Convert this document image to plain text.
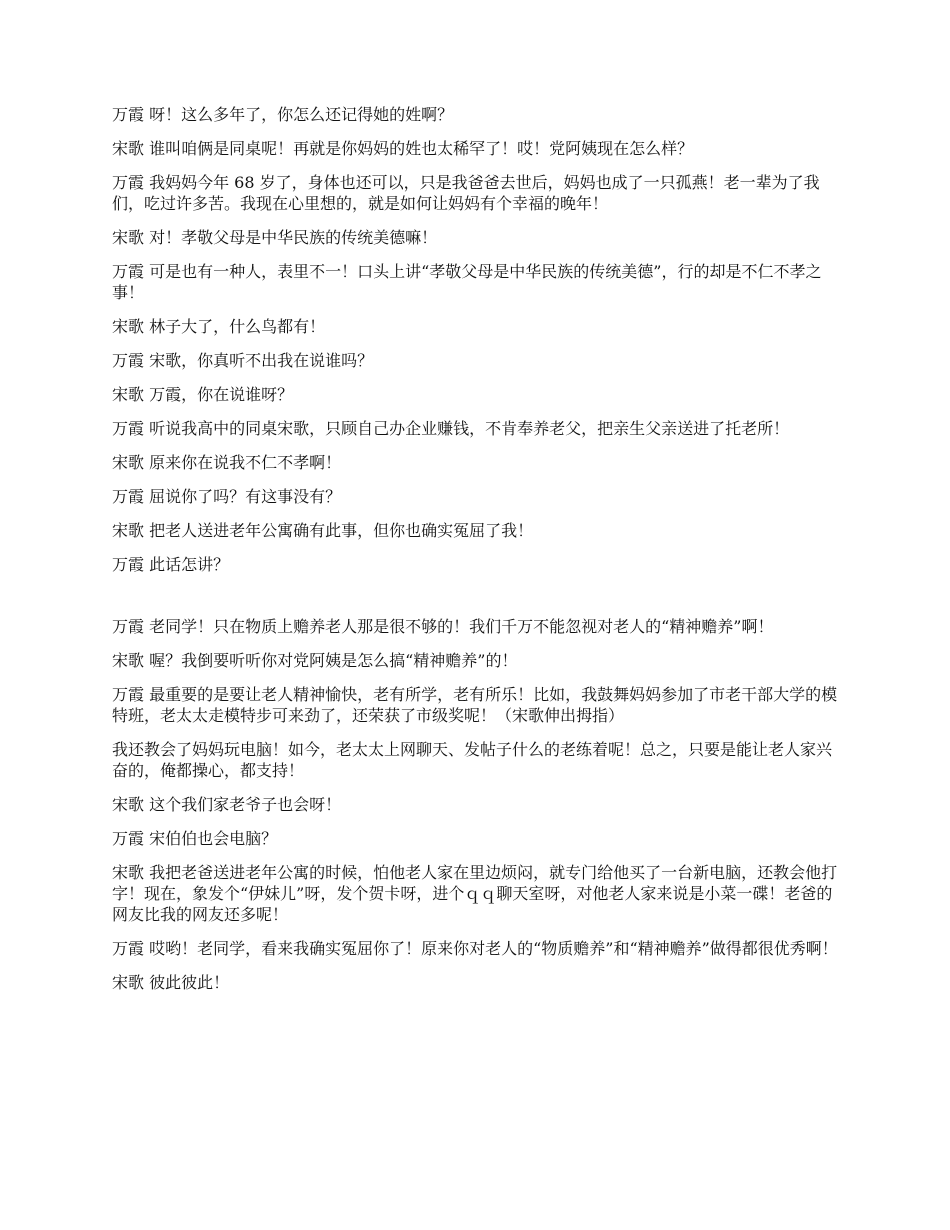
万霞 呀！这么多年了，你怎么还记得她的姓啊？

宋歌 谁叫咱俩是同桌呢！再就是你妈妈的姓也太稀罕了！哎！党阿姨现在怎么样？

万霞 我妈妈今年 68 岁了，身体也还可以，只是我爸爸去世后，妈妈也成了一只孤燕！老一辈为了我们，吃过许多苦。我现在心里想的，就是如何让妈妈有个幸福的晚年！

宋歌 对！孝敬父母是中华民族的传统美德嘛！

万霞 可是也有一种人，表里不一！口头上讲“孝敬父母是中华民族的传统美德”，行的却是不仁不孝之事！

宋歌 林子大了，什么鸟都有！

万霞 宋歌，你真听不出我在说谁吗？

宋歌 万霞，你在说谁呀？

万霞 听说我高中的同桌宋歌，只顾自己办企业赚钱，不肯奉养老父，把亲生父亲送进了托老所！

宋歌 原来你在说我不仁不孝啊！

万霞 屈说你了吗？有这事没有？

宋歌 把老人送进老年公寓确有此事，但你也确实冤屈了我！

万霞 此话怎讲？

万霞 老同学！只在物质上赡养老人那是很不够的！我们千万不能忽视对老人的“精神赡养”啊！

宋歌 喔？我倒要听听你对党阿姨是怎么搞“精神赡养”的！

万霞 最重要的是要让老人精神愉快，老有所学，老有所乐！比如，我鼓舞妈妈参加了市老干部大学的模特班，老太太走模特步可来劲了，还荣获了市级奖呢！（宋歌伸出拇指）

我还教会了妈妈玩电脑！如今，老太太上网聊天、发帖子什么的老练着呢！总之，只要是能让老人家兴奋的，俺都操心，都支持！

宋歌 这个我们家老爷子也会呀！

万霞 宋伯伯也会电脑？

宋歌 我把老爸送进老年公寓的时候，怕他老人家在里边烦闷，就专门给他买了一台新电脑，还教会他打字！现在，象发个“伊妹儿”呀，发个贺卡呀，进个ｑｑ聊天室呀，对他老人家来说是小菜一碟！老爸的网友比我的网友还多呢！

万霞 哎哟！老同学，看来我确实冤屈你了！原来你对老人的“物质赡养”和“精神赡养”做得都很优秀啊！

宋歌 彼此彼此！
